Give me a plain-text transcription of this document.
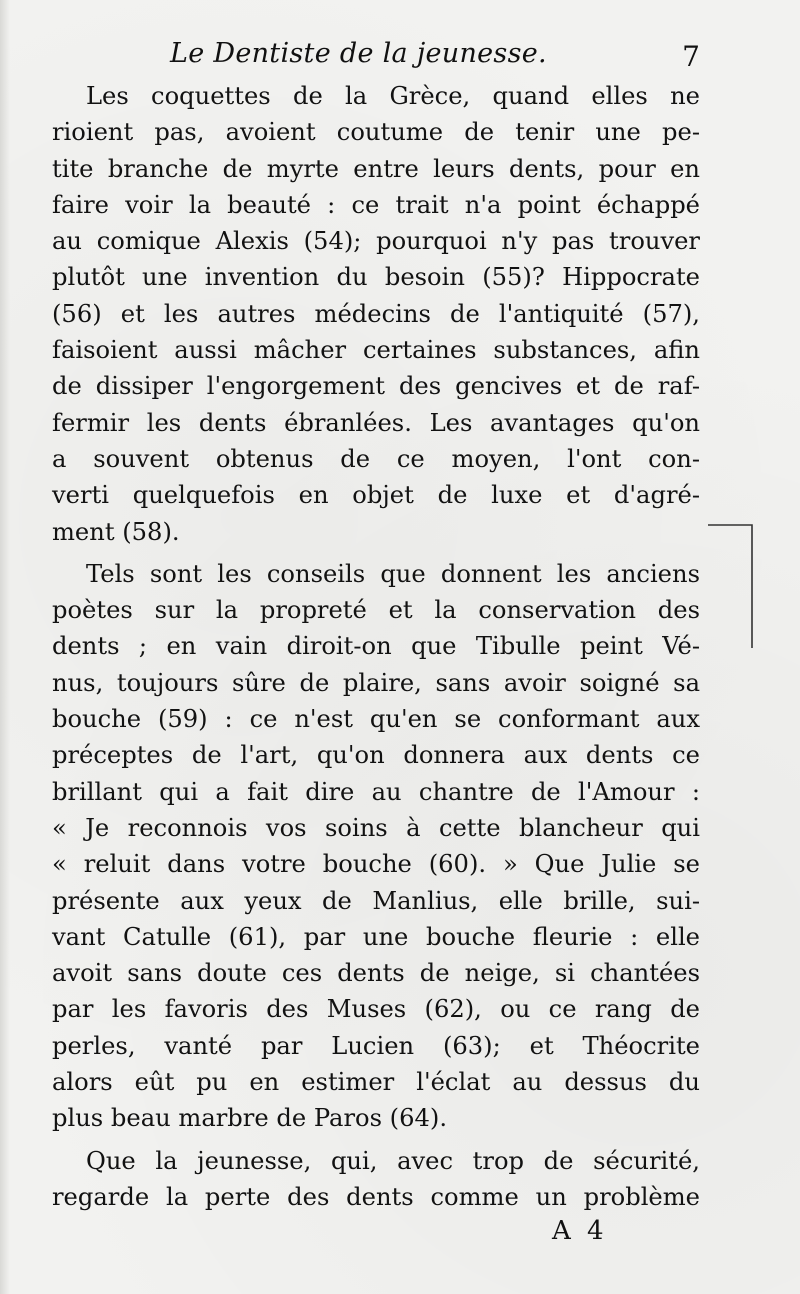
Le Dentiste de la jeunesse.	7
Les coquettes de la Grèce, quand elles ne
rioient pas, avoient coutume de tenir une pe-
tite branche de myrte entre leurs dents, pour en
faire voir la beauté : ce trait n'a point échappé
au comique Alexis (54); pourquoi n'y pas trouver
plutôt une invention du besoin (55)? Hippocrate
(56) et les autres médecins de l'antiquité (57),
faisoient aussi mâcher certaines substances, afin
de dissiper l'engorgement des gencives et de raf-
fermir les dents ébranlées. Les avantages qu'on
a souvent obtenus de ce moyen, l'ont con-
verti quelquefois en objet de luxe et d'agré-
ment (58).
Tels sont les conseils que donnent les anciens
poètes sur la propreté et la conservation des
dents ; en vain diroit-on que Tibulle peint Vé-
nus, toujours sûre de plaire, sans avoir soigné sa
bouche (59) : ce n'est qu'en se conformant aux
préceptes de l'art, qu'on donnera aux dents ce
brillant qui a fait dire au chantre de l'Amour :
« Je reconnois vos soins à cette blancheur qui
« reluit dans votre bouche (60). » Que Julie se
présente aux yeux de Manlius, elle brille, sui-
vant Catulle (61), par une bouche fleurie : elle
avoit sans doute ces dents de neige, si chantées
par les favoris des Muses (62), ou ce rang de
perles, vanté par Lucien (63); et Théocrite
alors eût pu en estimer l'éclat au dessus du
plus beau marbre de Paros (64).
Que la jeunesse, qui, avec trop de sécurité,
regarde la perte des dents comme un problème
A 4
